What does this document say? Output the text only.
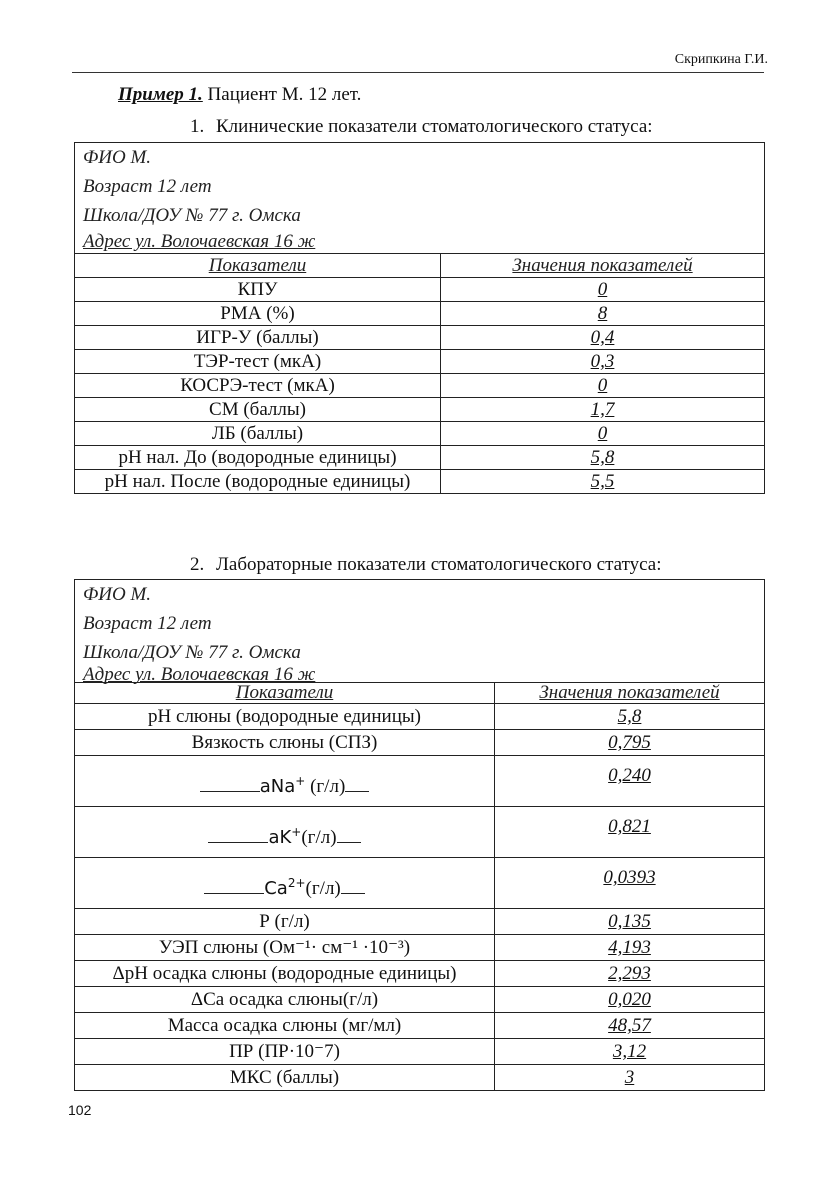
Скрипкина Г.И.
Пример 1. Пациент М. 12 лет.
1. Клинические показатели стоматологического статуса:
ФИО М.
Возраст 12 лет
Школа/ДОУ № 77 г. Омска
Адрес ул. Волочаевская 16 ж	

Показатели	Значения показателей
КПУ	0
РМА (%)	8
ИГР-У (баллы)	0,4
ТЭР-тест (мкА)	0,3
КОСРЭ-тест (мкА)	0
СМ (баллы)	1,7
ЛБ (баллы)	0
pH нал. До (водородные единицы)	5,8
pH нал. После (водородные единицы)	5,5
2. Лабораторные показатели стоматологического статуса:
ФИО М.
Возраст 12 лет
Школа/ДОУ № 77 г. Омска
Адрес ул. Волочаевская 16 ж	

Показатели	Значения показателей
pH слюны (водородные единицы)	5,8
Вязкость слюны (СПЗ)	0,795
aNa+ (г/л)	0,240
aK+(г/л)	0,821
$Ca^{2+}(г/л)$	0,0393
Р (г/л)	0,135
УЭП слюны (Ом⁻¹· см⁻¹ ·10⁻³)	4,193
ΔpH осадка слюны (водородные единицы)	2,293
ΔCa осадка слюны(г/л)	0,020
Масса осадка слюны (мг/мл)	48,57
ПР (ПР·10⁻7)	3,12
МКС (баллы)	3
102
